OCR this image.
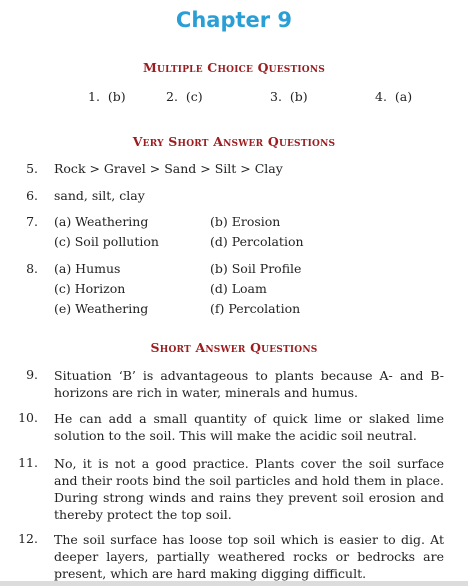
Chapter 9
Multiple Choice Questions
1. (b)	2. (c)	3. (b)	4. (a)
Very Short Answer Questions
5. Rock > Gravel > Sand > Silt > Clay
6. sand, silt, clay
7. (a) Weathering	(b) Erosion
(c) Soil pollution	(d) Percolation
8. (a) Humus	(b) Soil Profile
(c) Horizon	(d) Loam
(e) Weathering	(f) Percolation
Short Answer Questions
9. Situation ‘B’ is advantageous to plants because A- and B- horizons are rich in water, minerals and humus.
10. He can add a small quantity of quick lime or slaked lime solution to the soil. This will make the acidic soil neutral.
11. No, it is not a good practice. Plants cover the soil surface and their roots bind the soil particles and hold them in place. During strong winds and rains they prevent soil erosion and thereby protect the top soil.
12. The soil surface has loose top soil which is easier to dig. At deeper layers, partially weathered rocks or bedrocks are present, which are hard making digging difficult.
